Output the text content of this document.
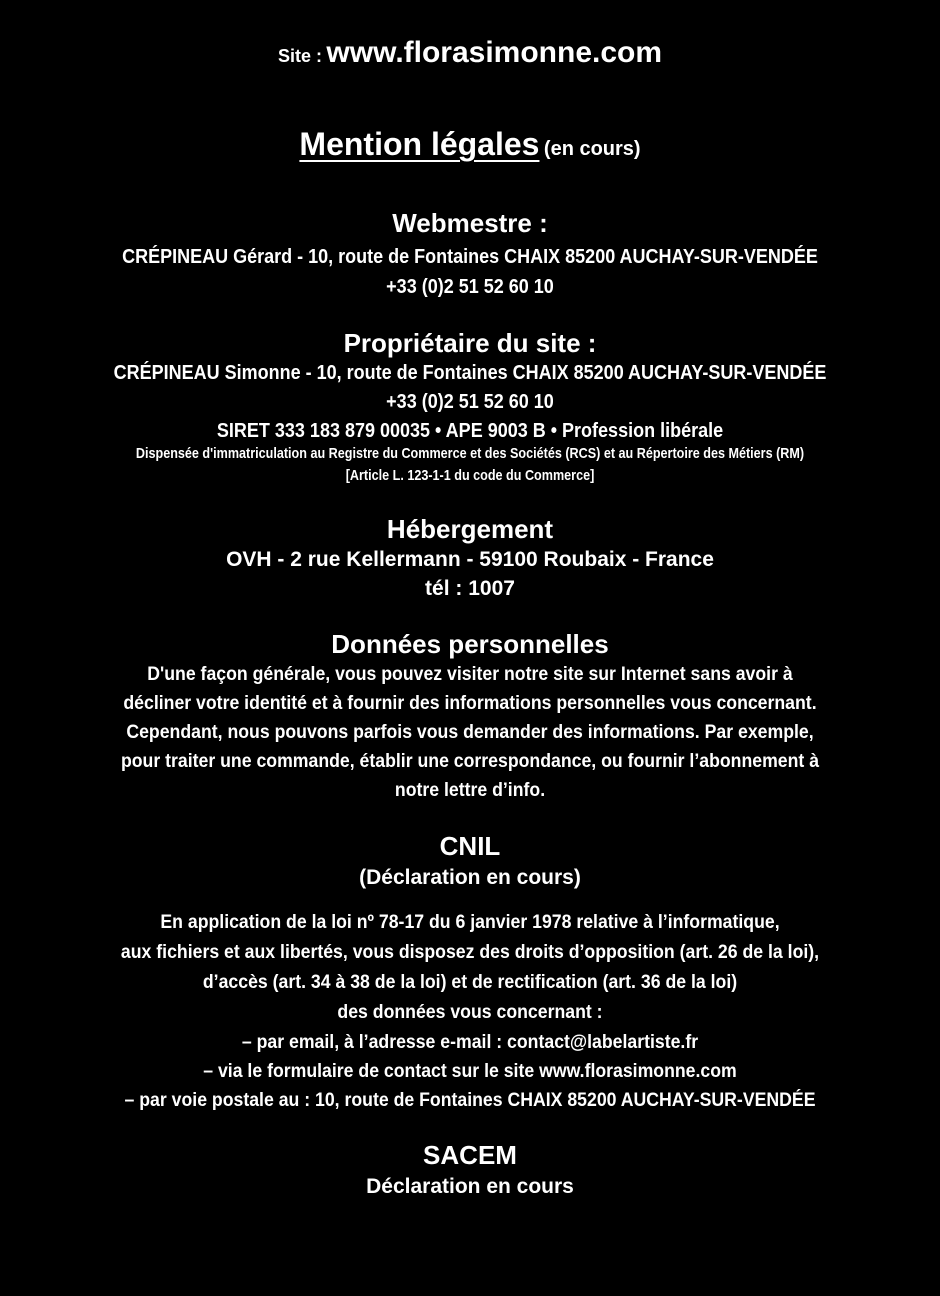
Site : www.florasimonne.com
Mention légales (en cours)
Webmestre :
CRÉPINEAU Gérard - 10, route de Fontaines CHAIX 85200 AUCHAY-SUR-VENDÉE
+33 (0)2 51 52 60 10
Propriétaire du site :
CRÉPINEAU Simonne - 10, route de Fontaines CHAIX 85200 AUCHAY-SUR-VENDÉE
+33 (0)2 51 52 60 10
SIRET 333 183 879 00035 • APE 9003 B • Profession libérale
Dispensée d'immatriculation au Registre du Commerce et des Sociétés (RCS) et au Répertoire des Métiers (RM)
[Article L. 123-1-1 du code du Commerce]
Hébergement
OVH - 2 rue Kellermann - 59100 Roubaix - France
tél : 1007
Données personnelles
D'une façon générale, vous pouvez visiter notre site sur Internet sans avoir à
décliner votre identité et à fournir des informations personnelles vous concernant.
Cependant, nous pouvons parfois vous demander des informations. Par exemple,
pour traiter une commande, établir une correspondance, ou fournir l’abonnement à
notre lettre d’info.
CNIL
(Déclaration en cours)
En application de la loi nº 78-17 du 6 janvier 1978 relative à l’informatique,
aux fichiers et aux libertés, vous disposez des droits d’opposition (art. 26 de la loi),
d’accès (art. 34 à 38 de la loi) et de rectification (art. 36 de la loi)
des données vous concernant :
– par email, à l’adresse e-mail : contact@labelartiste.fr
– via le formulaire de contact sur le site www.florasimonne.com
– par voie postale au : 10, route de Fontaines CHAIX 85200 AUCHAY-SUR-VENDÉE
SACEM
Déclaration en cours
